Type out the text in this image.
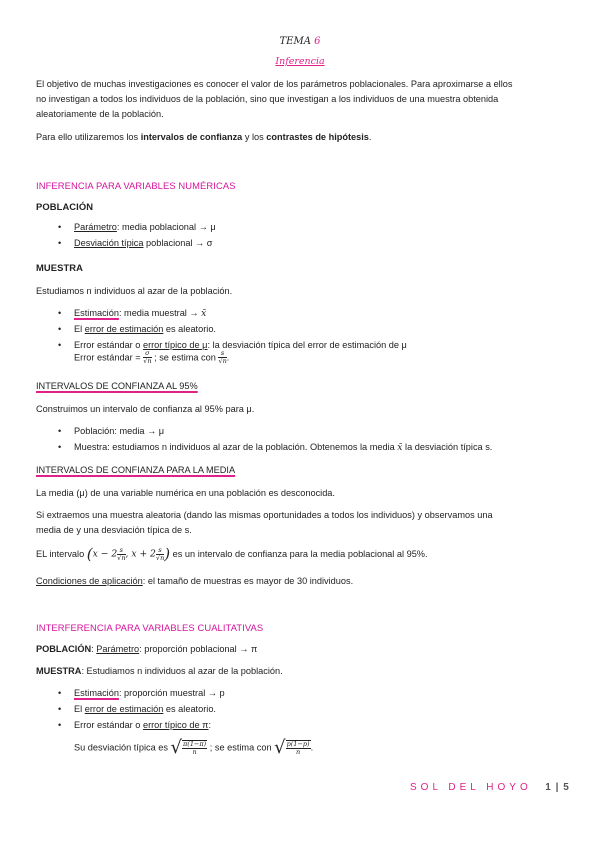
TEMA 6
Inferencia
El objetivo de muchas investigaciones es conocer el valor de los parámetros poblacionales. Para aproximarse a ellos
no investigan a todos los individuos de la población, sino que investigan a los individuos de una muestra obtenida
aleatoriamente de la población.
Para ello utilizaremos los intervalos de confianza y los contrastes de hipótesis.
INFERENCIA PARA VARIABLES NUMÉRICAS
POBLACIÓN
• Parámetro: media poblacional → μ
• Desviación típica poblacional → σ
MUESTRA
Estudiamos n individuos al azar de la población.
• Estimación: media muestral → x̄
• El error de estimación es aleatorio.
• Error estándar o error típico de μ: la desviación típica del error de estimación de μ
Error estándar = $\frac{\sigma}{√n}$ ; se estima con $\frac{s}{√n}$ .
INTERVALOS DE CONFIANZA AL 95%
Construimos un intervalo de confianza al 95% para μ.
• Población: media → μ
• Muestra: estudiamos n individuos al azar de la población. Obtenemos la media x̄ la desviación típica s.
INTERVALOS DE CONFIANZA PARA LA MEDIA
La media (μ) de una variable numérica en una población es desconocida.
Si extraemos una muestra aleatoria (dando las mismas oportunidades a todos los individuos) y observamos una
media de y una desviación típica de s.
EL intervalo ($x - 2 \frac{s}{√n}$ , $x + 2 \frac{s}{√n}$ ) es un intervalo de confianza para la media poblacional al 95%.
Condiciones de aplicación: el tamaño de muestras es mayor de 30 individuos.
INTERFERENCIA PARA VARIABLES CUALITATIVAS
POBLACIÓN: Parámetro: proporción poblacional → π
MUESTRA: Estudiamos n individuos al azar de la población.
• Estimación: proporción muestral → p
• El error de estimación es aleatorio.
• Error estándar o error típico de π:
Su desviación típica es √ $\frac{\pi(1-\pi)}{n}$ ; se estima con √ $\frac{p(1-p)}{n}$ .
SOL DEL HOYO 1 | 5
